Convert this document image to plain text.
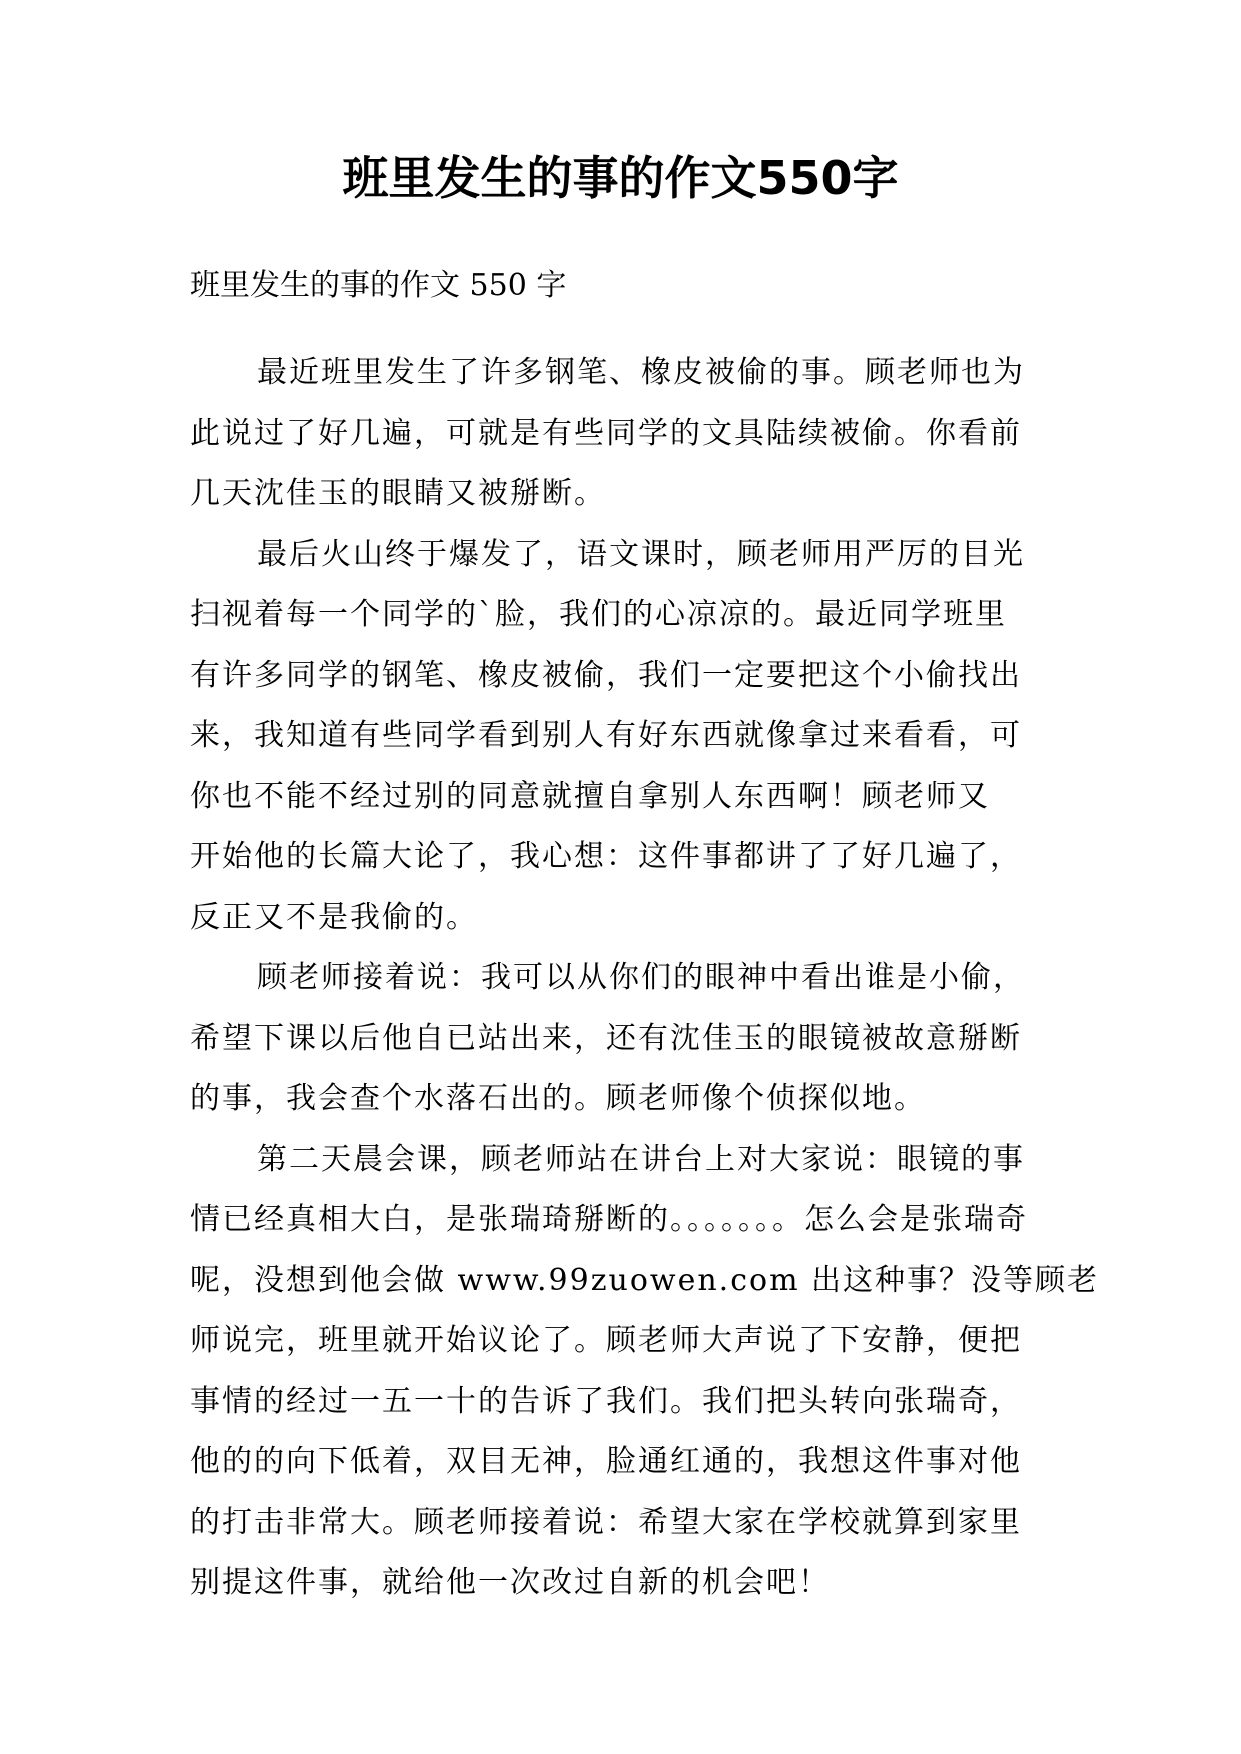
班里发生的事的作文550字

班里发生的事的作文 550 字

最近班里发生了许多钢笔、橡皮被偷的事。顾老师也为
此说过了好几遍，可就是有些同学的文具陆续被偷。你看前
几天沈佳玉的眼睛又被掰断。

最后火山终于爆发了，语文课时，顾老师用严厉的目光
扫视着每一个同学的`脸，我们的心凉凉的。最近同学班里
有许多同学的钢笔、橡皮被偷，我们一定要把这个小偷找出
来，我知道有些同学看到别人有好东西就像拿过来看看，可
你也不能不经过别的同意就擅自拿别人东西啊！顾老师又
开始他的长篇大论了，我心想：这件事都讲了了好几遍了，
反正又不是我偷的。

顾老师接着说：我可以从你们的眼神中看出谁是小偷，
希望下课以后他自已站出来，还有沈佳玉的眼镜被故意掰断
的事，我会查个水落石出的。顾老师像个侦探似地。

第二天晨会课，顾老师站在讲台上对大家说：眼镜的事
情已经真相大白，是张瑞琦掰断的。。。。。。。怎么会是张瑞奇
呢，没想到他会做 www.99zuowen.com 出这种事？没等顾老
师说完，班里就开始议论了。顾老师大声说了下安静，便把
事情的经过一五一十的告诉了我们。我们把头转向张瑞奇，
他的的向下低着，双目无神，脸通红通的，我想这件事对他
的打击非常大。顾老师接着说：希望大家在学校就算到家里
别提这件事，就给他一次改过自新的机会吧！
